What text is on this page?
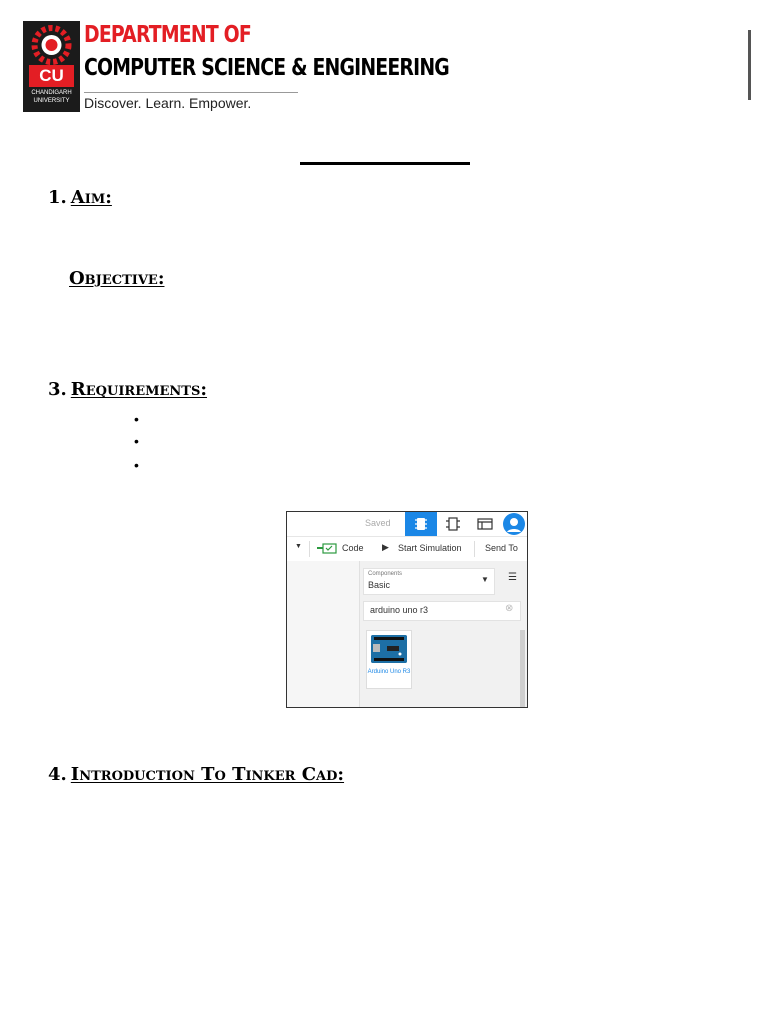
CU
CHANDIGARH
UNIVERSITY
DEPARTMENT OF
COMPUTER SCIENCE & ENGINEERING
Discover. Learn. Empower.
1. Aim:
Objective:
3. Requirements:
•
•
•
Saved
▼	Code ▶ Start Simulation	Send To
Components
Basic
▼ ☰
arduino uno r3	⊗
Arduino Uno R3
4. Introduction To Tinker Cad:
